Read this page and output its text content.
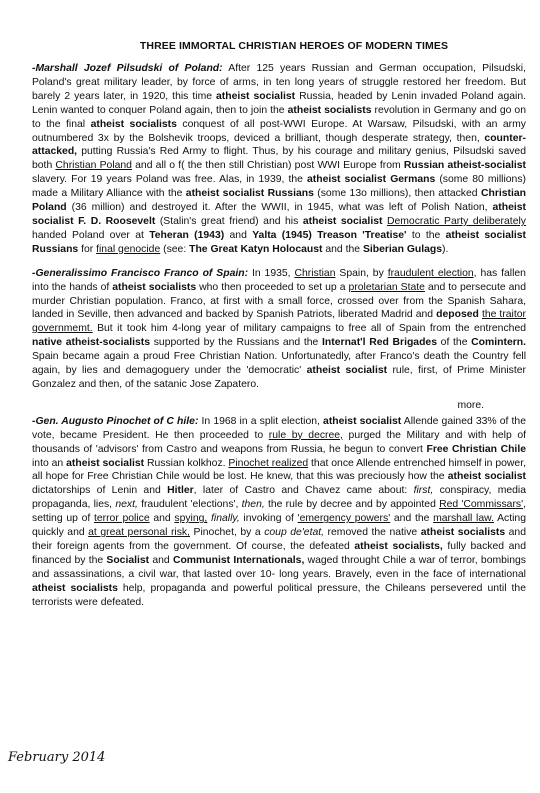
THREE IMMORTAL CHRISTIAN HEROES OF MODERN TIMES

-Marshall Jozef Pilsudski of Poland: After 125 years Russian and German occupation, Pilsudski, Poland's great military leader, by force of arms, in ten long years of struggle restored her freedom. But barely 2 years later, in 1920, this time atheist socialist Russia, headed by Lenin invaded Poland again. Lenin wanted to conquer Poland again, then to join the atheist socialists revolution in Germany and go on to the final atheist socialists conquest of all post-WWI Europe. At Warsaw, Pilsudski, with an army outnumbered 3x by the Bolshevik troops, deviced a brilliant, though desperate strategy, then, counter-attacked, putting Russia's Red Army to flight. Thus, by his courage and military genius, Pilsudski saved both Christian Poland and all o f( the then still Christian) post WWI Europe from Russian atheist-socialist slavery. For 19 years Poland was free. Alas, in 1939, the atheist socialist Germans (some 80 millions) made a Military Alliance with the atheist socialist Russians (some 13o millions), then attacked Christian Poland (36 million) and destroyed it. After the WWII, in 1945, what was left of Polish Nation, atheist socialist F. D. Roosevelt (Stalin's great friend) and his atheist socialist Democratic Party deliberately handed Poland over at Teheran (1943) and Yalta (1945) Treason 'Treatise' to the atheist socialist Russians for final genocide (see: The Great Katyn Holocaust and the Siberian Gulags).

-Generalissimo Francisco Franco of Spain: In 1935, Christian Spain, by fraudulent election, has fallen into the hands of atheist socialists who then proceeded to set up a proletarian State and to persecute and murder Christian population. Franco, at first with a small force, crossed over from the Spanish Sahara, landed in Seville, then advanced and backed by Spanish Patriots, liberated Madrid and deposed the traitor governmemt. But it took him 4-long year of military campaigns to free all of Spain from the entrenched native atheist-socialists supported by the Russians and the Internat'l Red Brigades of the Comintern. Spain became again a proud Free Christian Nation. Unfortunatedly, after Franco's death the Country fell again, by lies and demagoguery under the 'democratic' atheist socialist rule, first, of Prime Minister Gonzalez and then, of the satanic Jose Zapatero.

more.

-Gen. Augusto Pinochet of C hile: In 1968 in a split election, atheist socialist Allende gained 33% of the vote, became President. He then proceeded to rule by decree, purged the Military and with help of thousands of 'advisors' from Castro and weapons from Russia, he begun to convert Free Christian Chile into an atheist socialist Russian kolkhoz. Pinochet realized that once Allende entrenched himself in power, all hope for Free Christian Chile would be lost. He knew, that this was preciously how the atheist socialist dictatorships of Lenin and Hitler, later of Castro and Chavez came about: first, conspiracy, media propaganda, lies, next, fraudulent 'elections', then, the rule by decree and by appointed Red 'Commissars', setting up of terror police and spying, finally, invoking of 'emergency powers' and the marshall law. Acting quickly and at great personal risk, Pinochet, by a coup de'etat, removed the native atheist socialists and their foreign agents from the government. Of course, the defeated atheist socialists, fully backed and financed by the Socialist and Communist Internationals, waged throught Chile a war of terror, bombings and assassinations, a civil war, that lasted over 10- long years. Bravely, even in the face of international atheist socialists help, propaganda and powerful political pressure, the Chileans persevered until the terrorists were defeated.

February 2014
